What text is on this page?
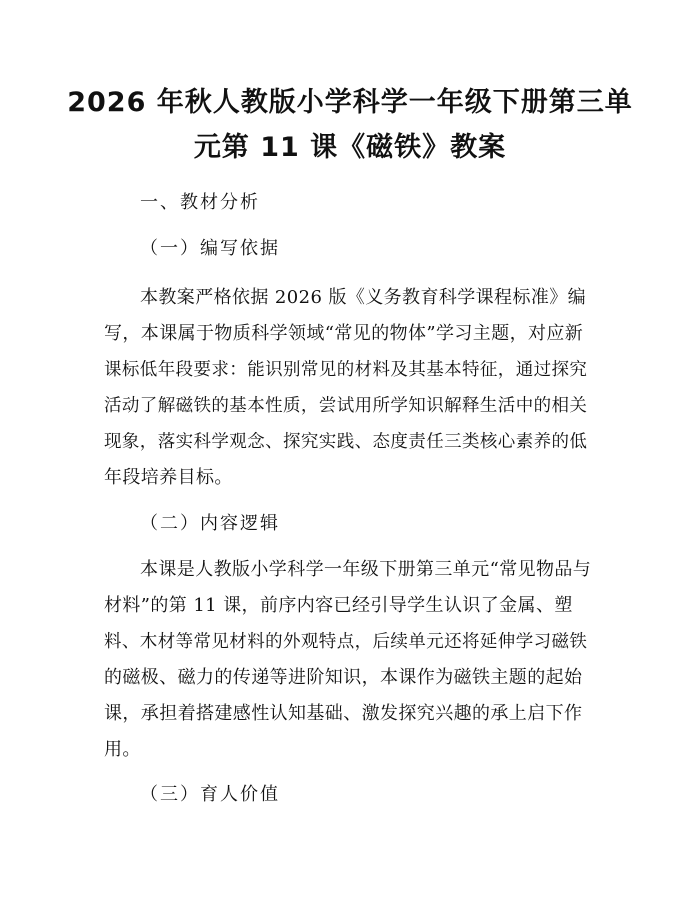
2026 年秋人教版小学科学一年级下册第三单
元第 11 课《磁铁》教案
一、教材分析
（一）编写依据
本教案严格依据 2026 版《义务教育科学课程标准》编
写，本课属于物质科学领域“常见的物体”学习主题，对应新
课标低年段要求：能识别常见的材料及其基本特征，通过探究
活动了解磁铁的基本性质，尝试用所学知识解释生活中的相关
现象，落实科学观念、探究实践、态度责任三类核心素养的低
年段培养目标。
（二）内容逻辑
本课是人教版小学科学一年级下册第三单元“常见物品与
材料”的第 11 课，前序内容已经引导学生认识了金属、塑
料、木材等常见材料的外观特点，后续单元还将延伸学习磁铁
的磁极、磁力的传递等进阶知识，本课作为磁铁主题的起始
课，承担着搭建感性认知基础、激发探究兴趣的承上启下作
用。
（三）育人价值
